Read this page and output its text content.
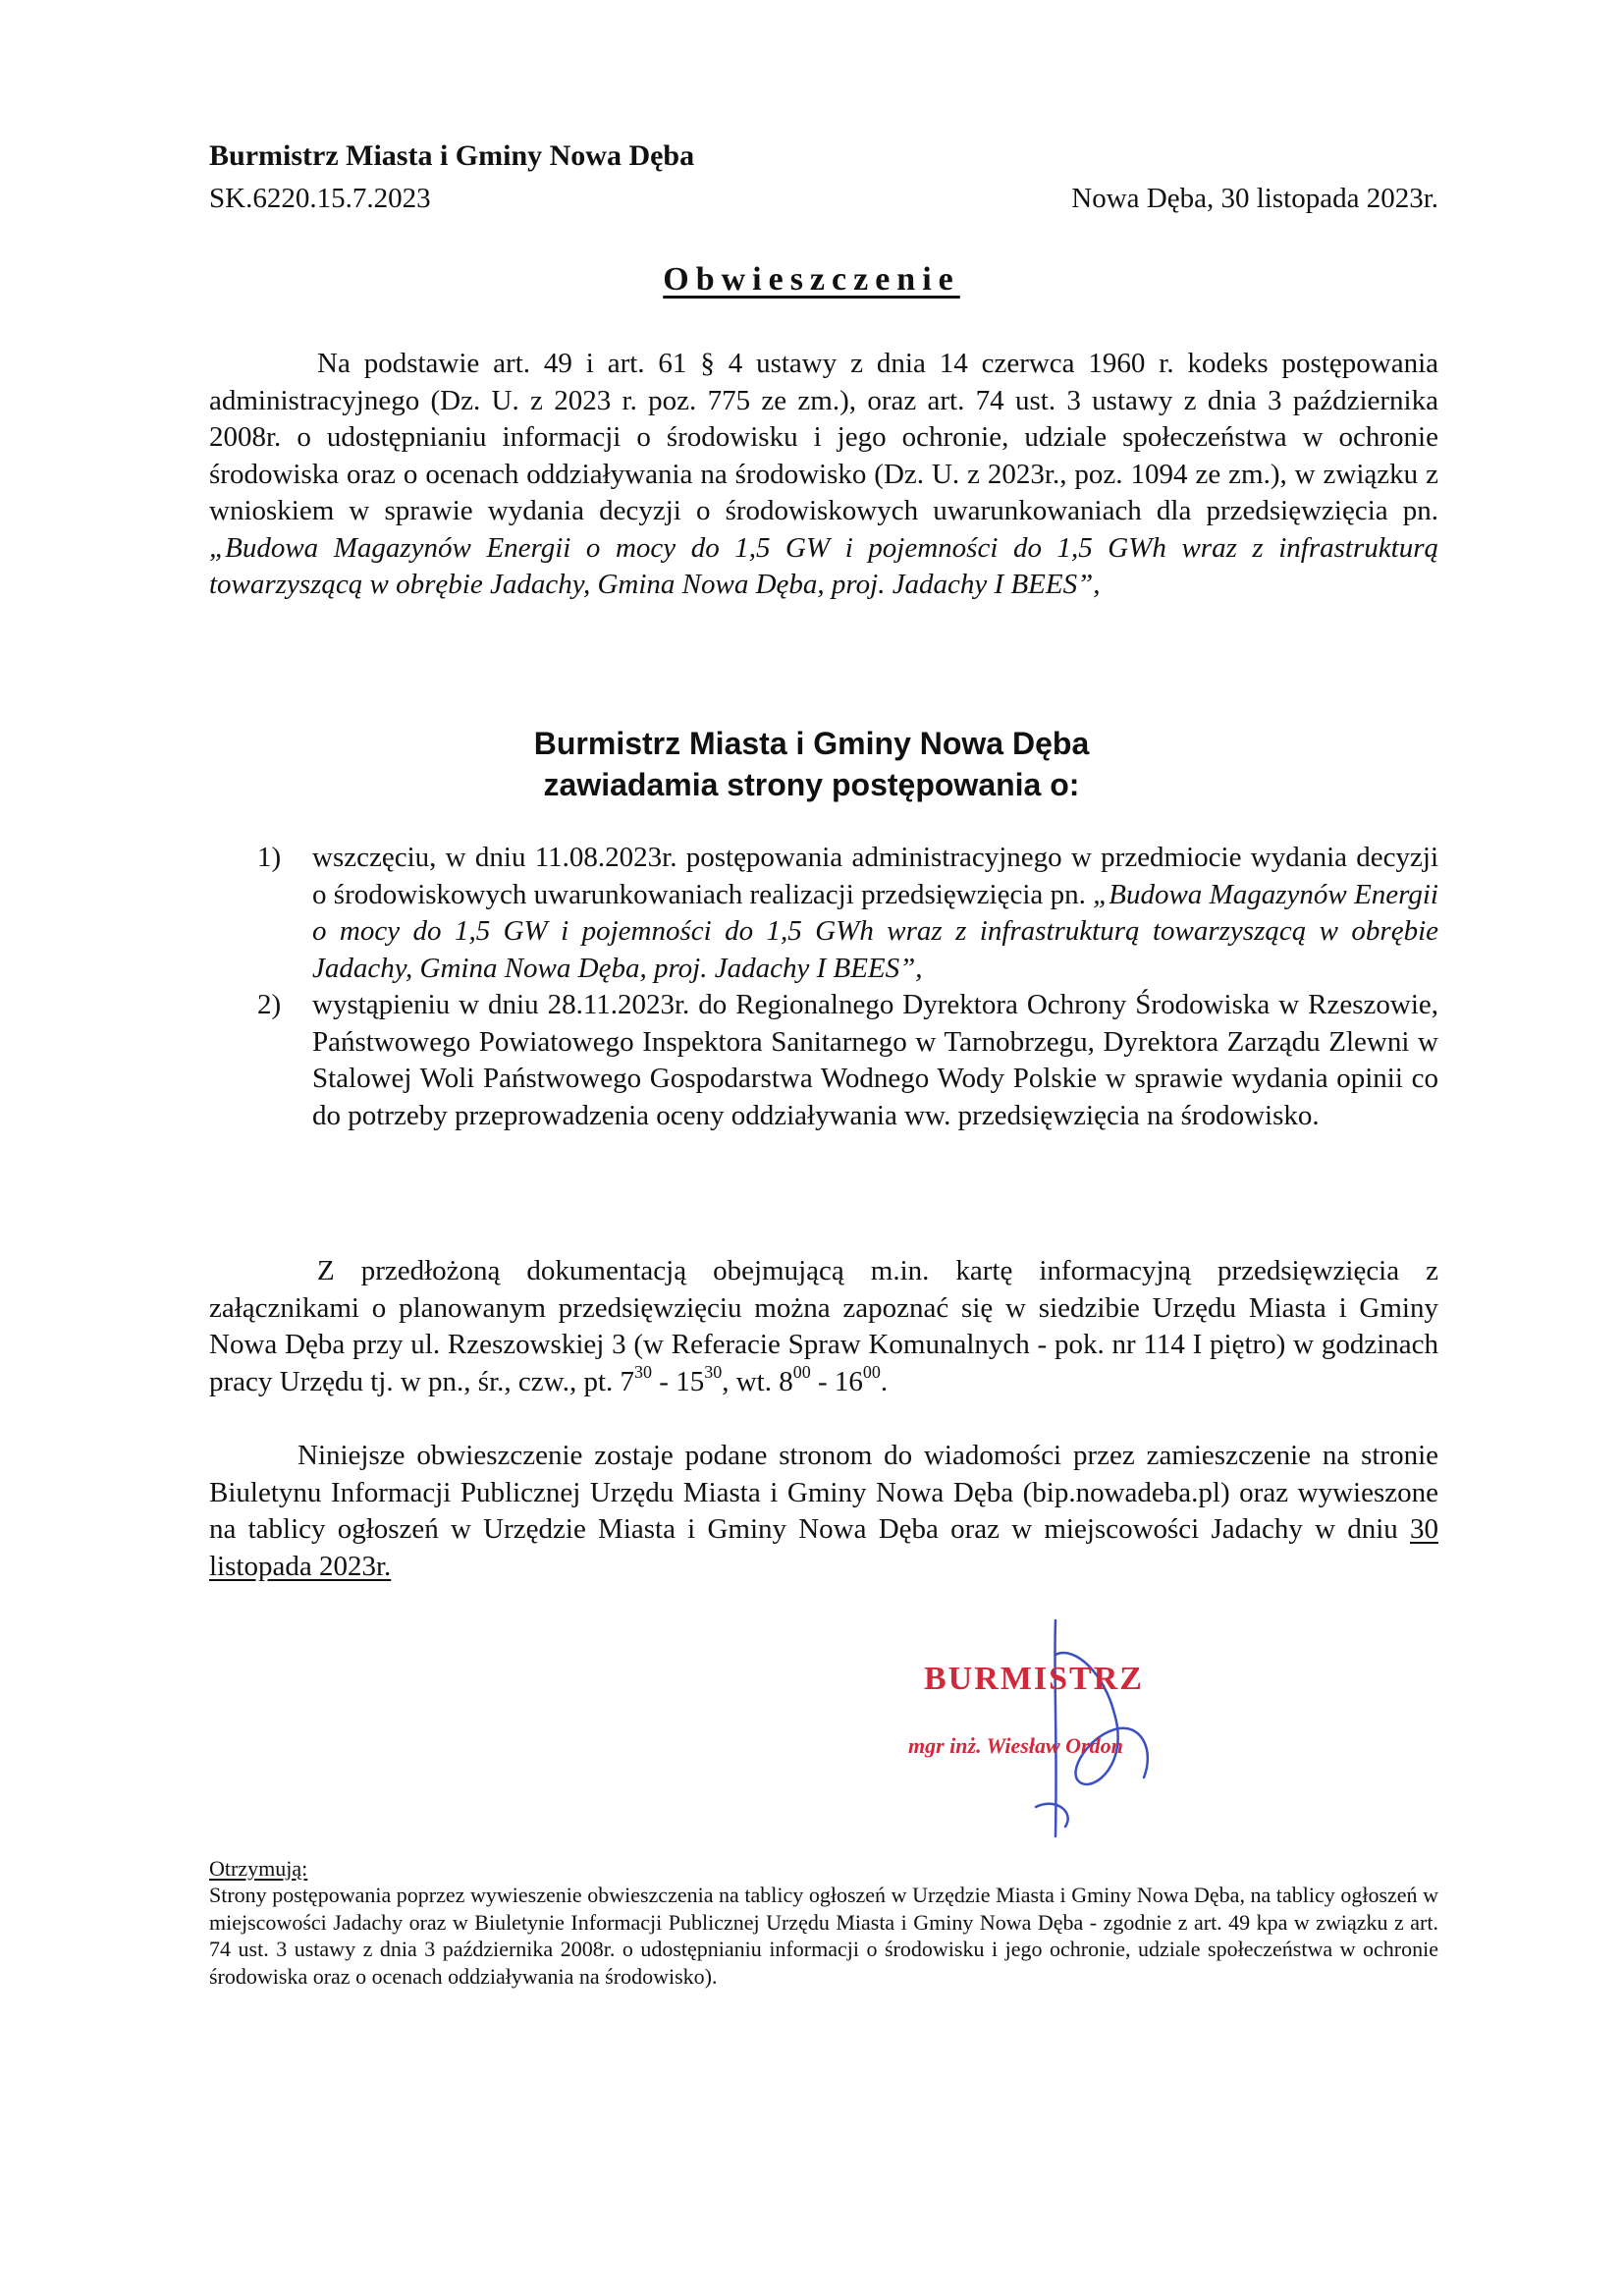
Burmistrz Miasta i Gminy Nowa Dęba
SK.6220.15.7.2023	Nowa Dęba, 30 listopada 2023r.
Obwieszczenie
Na podstawie art. 49 i art. 61 § 4 ustawy z dnia 14 czerwca 1960 r. kodeks postępowania administracyjnego (Dz. U. z 2023 r. poz. 775 ze zm.), oraz art. 74 ust. 3 ustawy z dnia 3 października 2008r. o udostępnianiu informacji o środowisku i jego ochronie, udziale społeczeństwa w ochronie środowiska oraz o ocenach oddziaływania na środowisko (Dz. U. z 2023r., poz. 1094 ze zm.), w związku z wnioskiem w sprawie wydania decyzji o środowiskowych uwarunkowaniach dla przedsięwzięcia pn. „Budowa Magazynów Energii o mocy do 1,5 GW i pojemności do 1,5 GWh wraz z infrastrukturą towarzyszącą w obrębie Jadachy, Gmina Nowa Dęba, proj. Jadachy I BEES”,
Burmistrz Miasta i Gminy Nowa Dęba
zawiadamia strony postępowania o:
1) wszczęciu, w dniu 11.08.2023r. postępowania administracyjnego w przedmiocie wydania decyzji o środowiskowych uwarunkowaniach realizacji przedsięwzięcia pn. „Budowa Magazynów Energii o mocy do 1,5 GW i pojemności do 1,5 GWh wraz z infrastrukturą towarzyszącą w obrębie Jadachy, Gmina Nowa Dęba, proj. Jadachy I BEES”,
2) wystąpieniu w dniu 28.11.2023r. do Regionalnego Dyrektora Ochrony Środowiska w Rzeszowie, Państwowego Powiatowego Inspektora Sanitarnego w Tarnobrzegu, Dyrektora Zarządu Zlewni w Stalowej Woli Państwowego Gospodarstwa Wodnego Wody Polskie w sprawie wydania opinii co do potrzeby przeprowadzenia oceny oddziaływania ww. przedsięwzięcia na środowisko.
Z przedłożoną dokumentacją obejmującą m.in. kartę informacyjną przedsięwzięcia z załącznikami o planowanym przedsięwzięciu można zapoznać się w siedzibie Urzędu Miasta i Gminy Nowa Dęba przy ul. Rzeszowskiej 3 (w Referacie Spraw Komunalnych - pok. nr 114 I piętro) w godzinach pracy Urzędu tj. w pn., śr., czw., pt. $7^{30} - 15^{30}$, wt. $8^{00} - 16^{00}$.
Niniejsze obwieszczenie zostaje podane stronom do wiadomości przez zamieszczenie na stronie Biuletynu Informacji Publicznej Urzędu Miasta i Gminy Nowa Dęba (bip.nowadeba.pl) oraz wywieszone na tablicy ogłoszeń w Urzędzie Miasta i Gminy Nowa Dęba oraz w miejscowości Jadachy w dniu 30 listopada 2023r.
BURMISTRZ
mgr inż. Wiesław Ordon
Otrzymują:
Strony postępowania poprzez wywieszenie obwieszczenia na tablicy ogłoszeń w Urzędzie Miasta i Gminy Nowa Dęba, na tablicy ogłoszeń w miejscowości Jadachy oraz w Biuletynie Informacji Publicznej Urzędu Miasta i Gminy Nowa Dęba - zgodnie z art. 49 kpa w związku z art. 74 ust. 3 ustawy z dnia 3 października 2008r. o udostępnianiu informacji o środowisku i jego ochronie, udziale społeczeństwa w ochronie środowiska oraz o ocenach oddziaływania na środowisko).
